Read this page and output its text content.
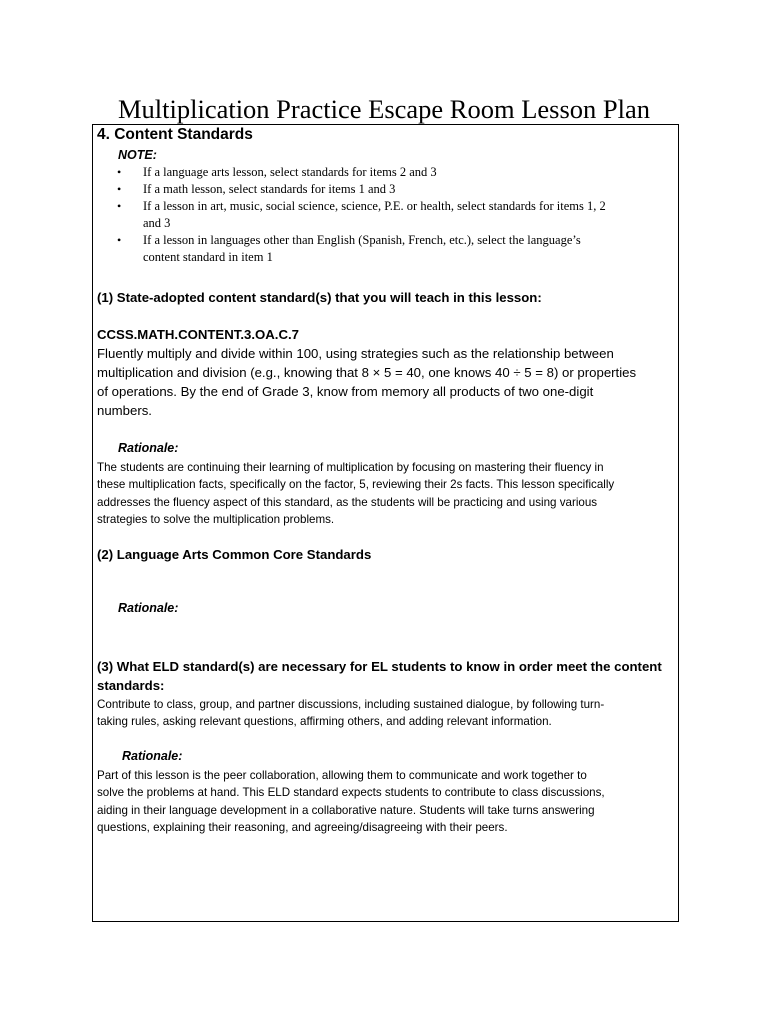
Multiplication Practice Escape Room Lesson Plan
4. Content Standards
NOTE:
• If a language arts lesson, select standards for items 2 and 3
• If a math lesson, select standards for items 1 and 3
• If a lesson in art, music, social science, science, P.E. or health, select standards for items 1, 2
and 3
• If a lesson in languages other than English (Spanish, French, etc.), select the language’s
content standard in item 1
(1) State-adopted content standard(s) that you will teach in this lesson:
CCSS.MATH.CONTENT.3.OA.C.7
Fluently multiply and divide within 100, using strategies such as the relationship between
multiplication and division (e.g., knowing that 8 × 5 = 40, one knows 40 ÷ 5 = 8) or properties
of operations. By the end of Grade 3, know from memory all products of two one-digit
numbers.
Rationale:
The students are continuing their learning of multiplication by focusing on mastering their fluency in
these multiplication facts, specifically on the factor, 5, reviewing their 2s facts. This lesson specifically
addresses the fluency aspect of this standard, as the students will be practicing and using various
strategies to solve the multiplication problems.
(2) Language Arts Common Core Standards
Rationale:
(3) What ELD standard(s) are necessary for EL students to know in order meet the content
standards:
Contribute to class, group, and partner discussions, including sustained dialogue, by following turn-
taking rules, asking relevant questions, affirming others, and adding relevant information.
Rationale:
Part of this lesson is the peer collaboration, allowing them to communicate and work together to
solve the problems at hand. This ELD standard expects students to contribute to class discussions,
aiding in their language development in a collaborative nature. Students will take turns answering
questions, explaining their reasoning, and agreeing/disagreeing with their peers.
